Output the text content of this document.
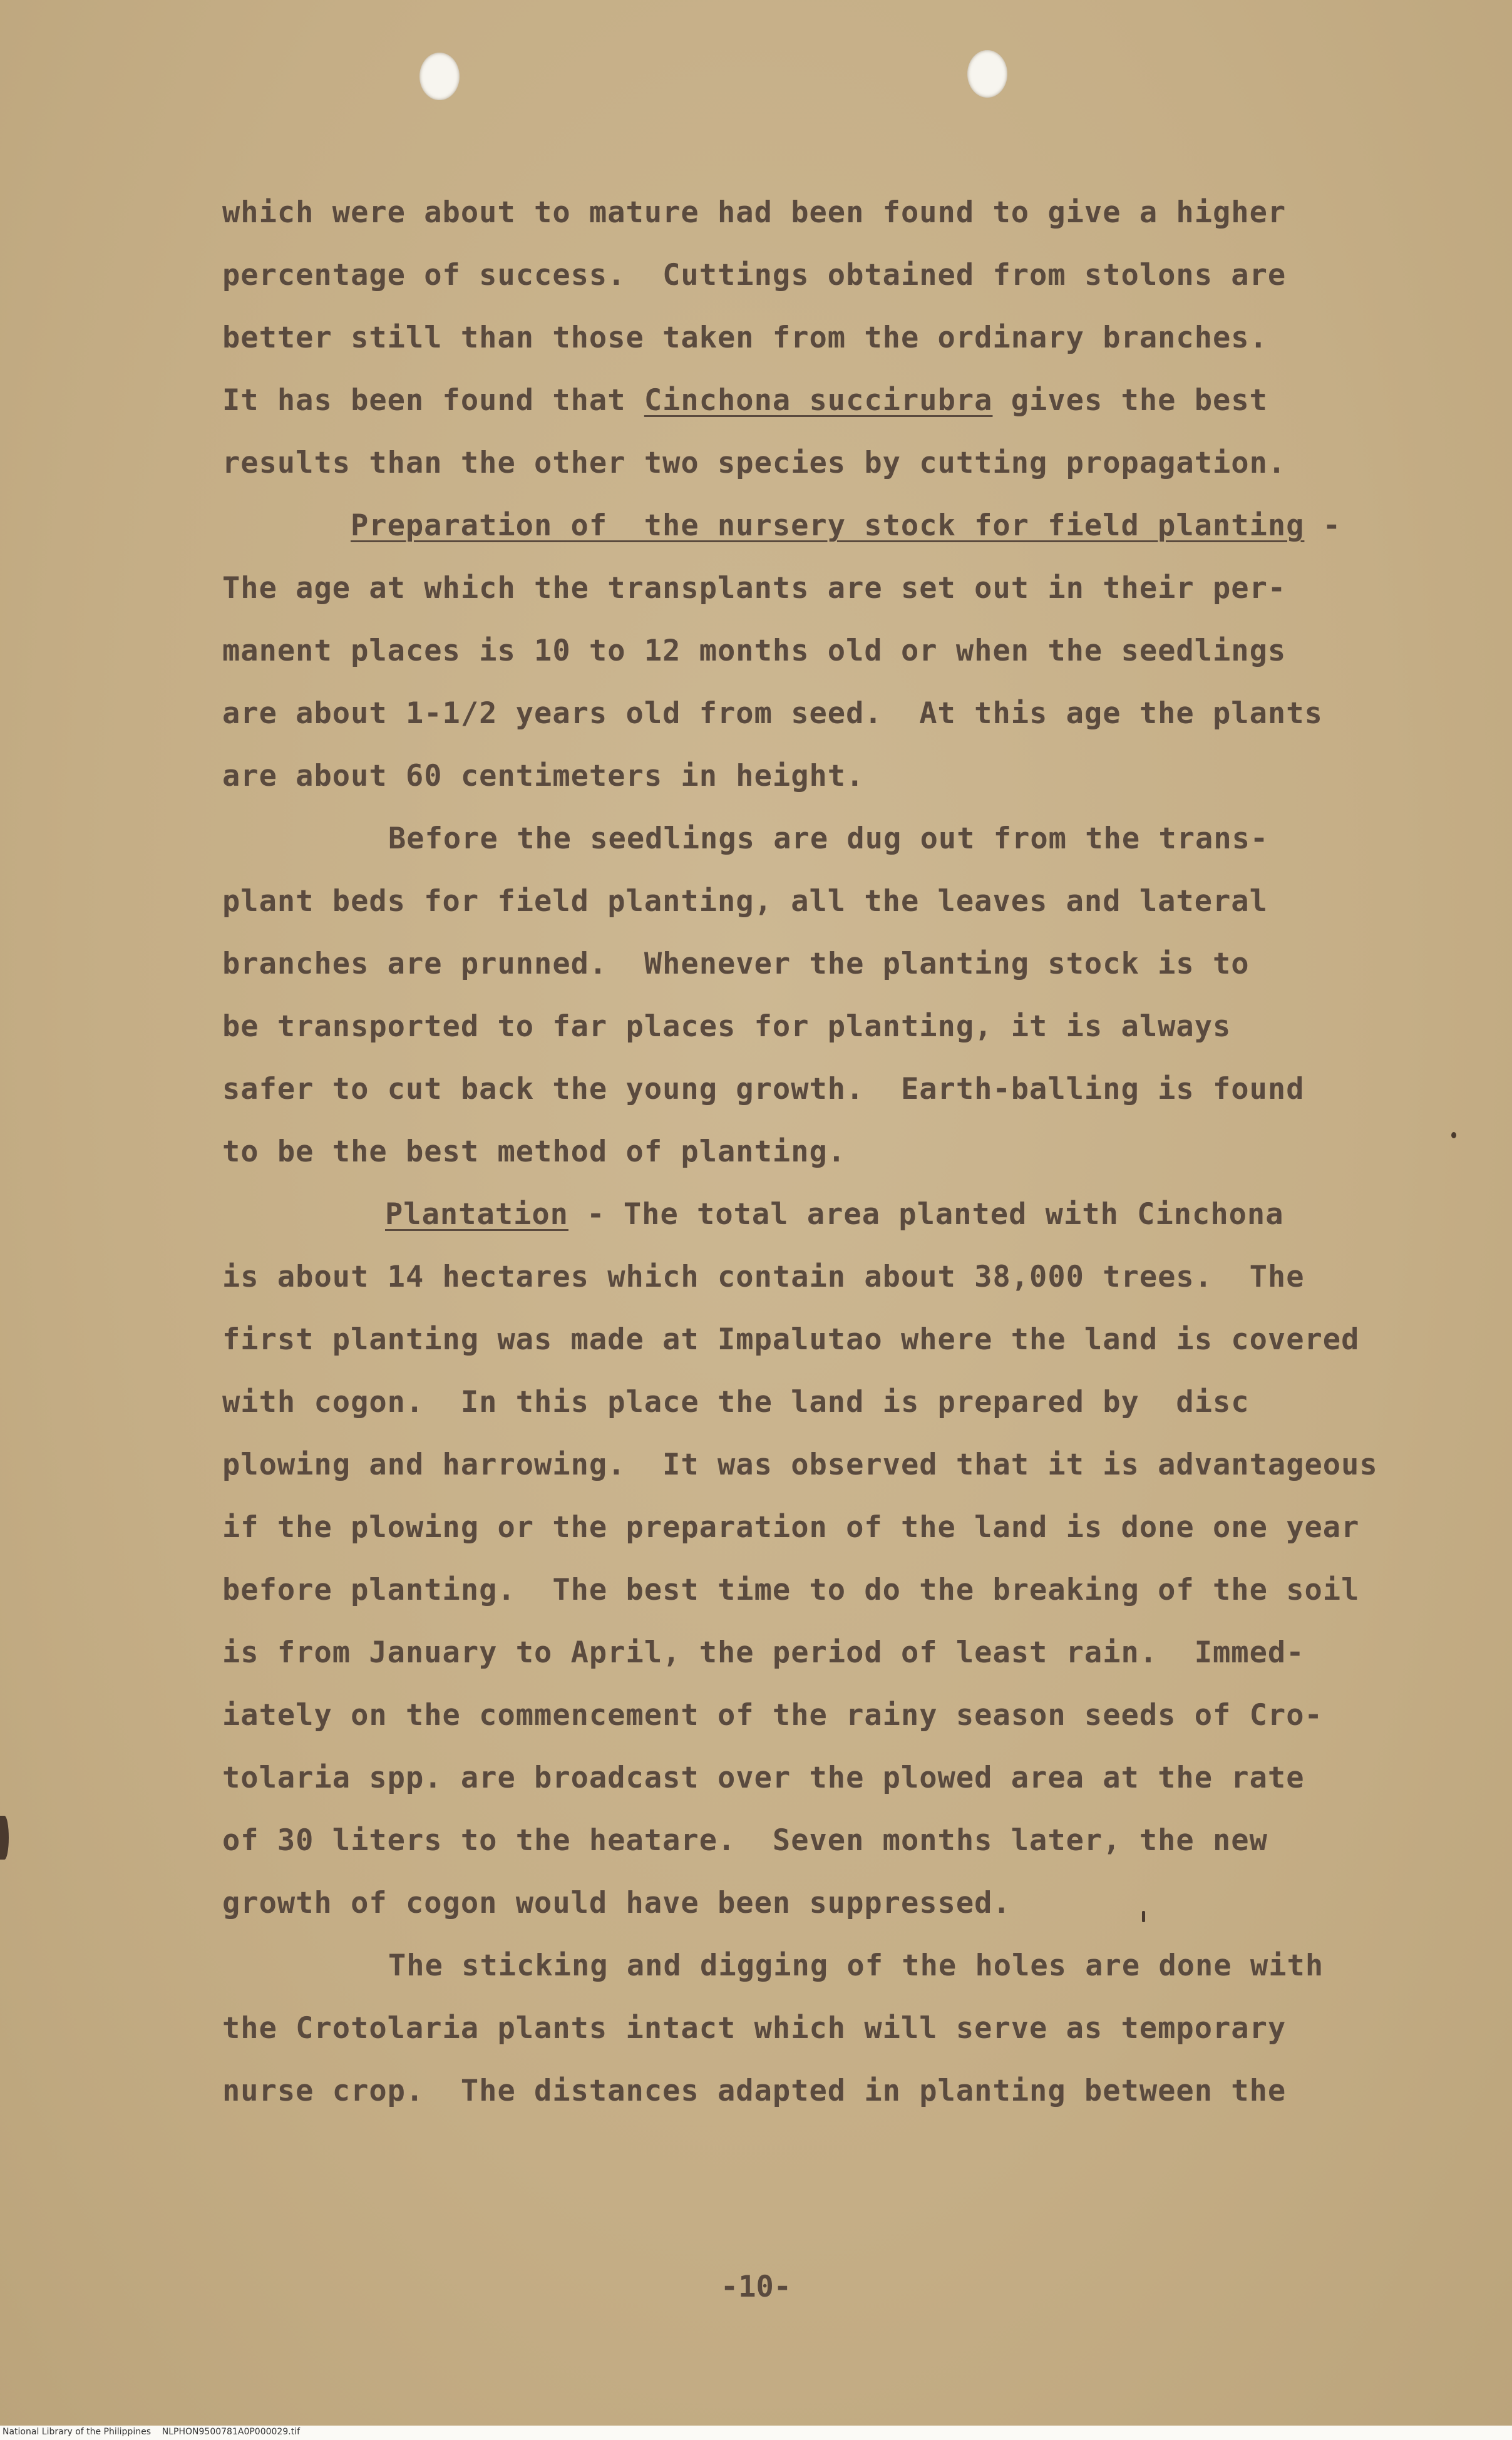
which were about to mature had been found to give a higher
percentage of success.  Cuttings obtained from stolons are
better still than those taken from the ordinary branches.
It has been found that Cinchona succirubra gives the best
results than the other two species by cutting propagation.
Preparation of  the nursery stock for field planting -
The age at which the transplants are set out in their per-
manent places is 10 to 12 months old or when the seedlings
are about 1-1/2 years old from seed.  At this age the plants
are about 60 centimeters in height.
Before the seedlings are dug out from the trans-
plant beds for field planting, all the leaves and lateral
branches are prunned.  Whenever the planting stock is to
be transported to far places for planting, it is always
safer to cut back the young growth.  Earth-balling is found
to be the best method of planting.
Plantation - The total area planted with Cinchona
is about 14 hectares which contain about 38,000 trees.  The
first planting was made at Impalutao where the land is covered
with cogon.  In this place the land is prepared by  disc
plowing and harrowing.  It was observed that it is advantageous
if the plowing or the preparation of the land is done one year
before planting.  The best time to do the breaking of the soil
is from January to April, the period of least rain.  Immed-
iately on the commencement of the rainy season seeds of Cro-
tolaria spp. are broadcast over the plowed area at the rate
of 30 liters to the heatare.  Seven months later, the new
growth of cogon would have been suppressed.
The sticking and digging of the holes are done with
the Crotolaria plants intact which will serve as temporary
nurse crop.  The distances adapted in planting between the
-10-
National Library of the Philippines    NLPHON9500781A0P000029.tif
